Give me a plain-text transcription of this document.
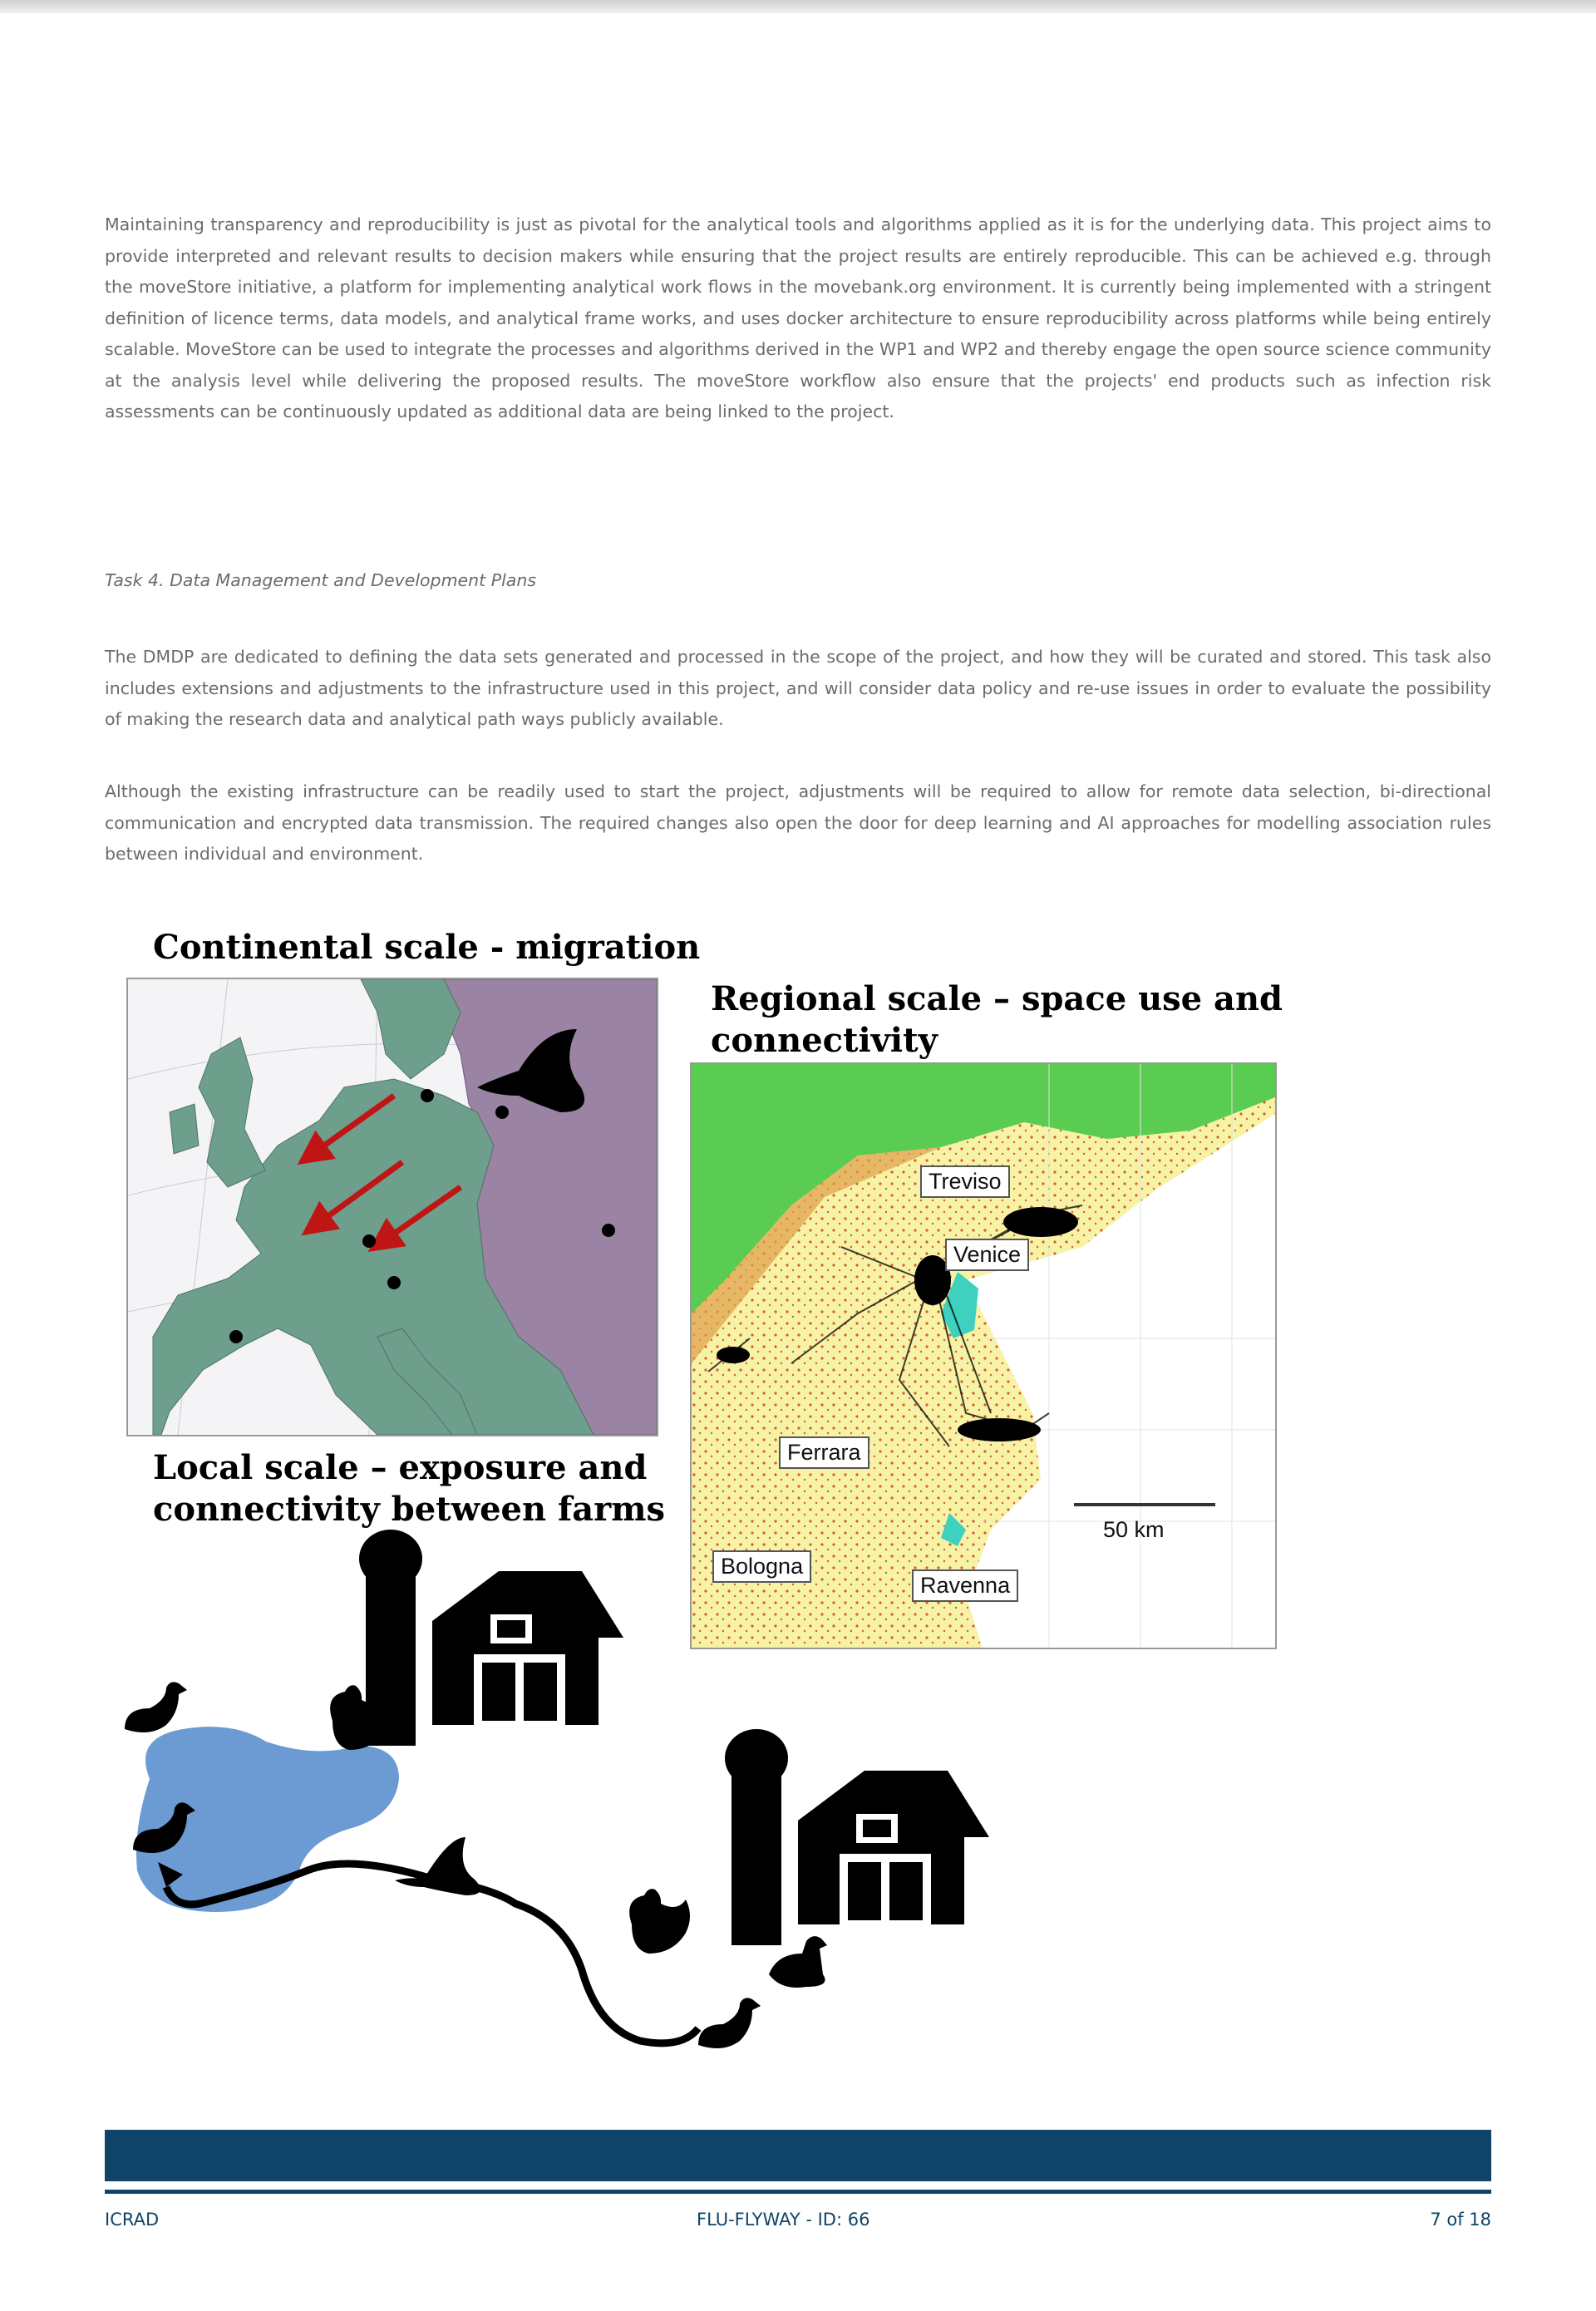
Maintaining transparency and reproducibility is just as pivotal for the analytical tools and algorithms applied as it is for the underlying data. This project aims to provide interpreted and relevant results to decision makers while ensuring that the project results are entirely reproducible. This can be achieved e.g. through the moveStore initiative, a platform for implementing analytical work flows in the movebank.org environment. It is currently being implemented with a stringent definition of licence terms, data models, and analytical frame works, and uses docker architecture to ensure reproducibility across platforms while being entirely scalable. MoveStore can be used to integrate the processes and algorithms derived in the WP1 and WP2 and thereby engage the open source science community at the analysis level while delivering the proposed results. The moveStore workflow also ensure that the projects' end products such as infection risk assessments can be continuously updated as additional data are being linked to the project.

Task 4. Data Management and Development Plans

The DMDP are dedicated to defining the data sets generated and processed in the scope of the project, and how they will be curated and stored. This task also includes extensions and adjustments to the infrastructure used in this project, and will consider data policy and re-use issues in order to evaluate the possibility of making the research data and analytical path ways publicly available.

Although the existing infrastructure can be readily used to start the project, adjustments will be required to allow for remote data selection, bi-directional communication and encrypted data transmission. The required changes also open the door for deep learning and AI approaches for modelling association rules between individual and environment.

Continental scale - migration

Regional scale – space use and

connectivity

Local scale – exposure and

connectivity between farms

Treviso
Venice
Ferrara
Bologna
Ravenna
50 km

ICRAD	FLU-FLYWAY - ID: 66	7 of 18
